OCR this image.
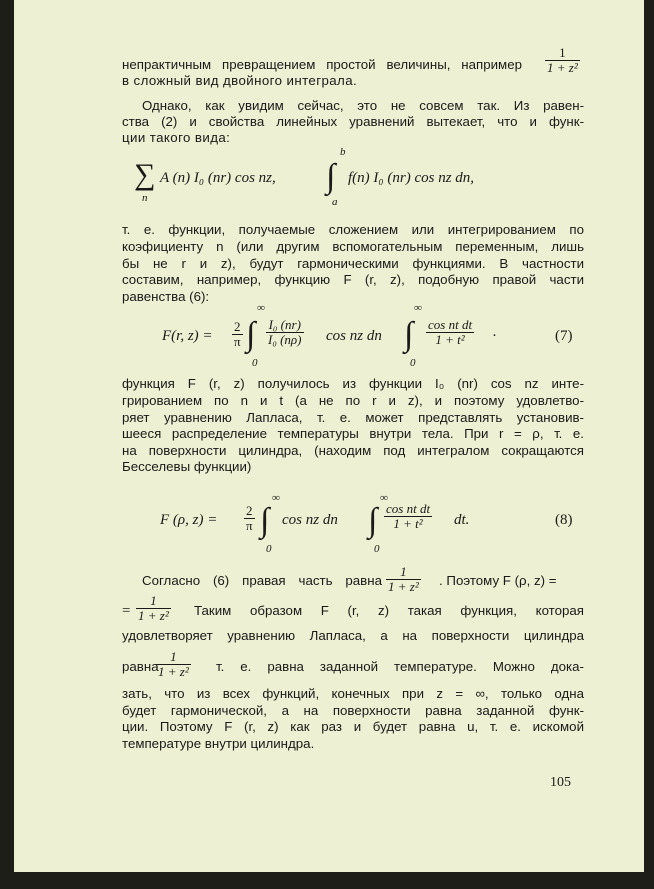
непрактичным превращением простой величины, например $\frac{1}{\text{1 + z²}}$
в сложный вид двойного интеграла.
Однако, как увидим сейчас, это не совсем так. Из равен-
ства (2) и свойства линейных уравнений вытекает, что и функ-
ции такого вида:
∑
n
A (n) I₀ (nr) cos nz,
b
∫
a
f(n) I₀ (nr) cos nz dn,
т. е. функции, получаемые сложением или интегрированием по
коэфициенту n (или другим вспомогательным переменным, лишь
бы не r и z), будут гармоническими функциями. В частности
составим, например, функцию F (r, z), подобную правой части
равенства (6):
F(r, $z) = \frac{2}{\pi}$
∞
∫
0
$\frac{\text{I₀ (nr)}}{\text{I₀ (nρ)}}$ cos nz dn
∞
∫
0
$\frac{\text{cos nt dt}}{\text{1 + t²}}$ ·	(7)
функция F (r, z) получилось из функции I₀ (nr) cos nz инте-
грированием по n и t (а не по r и z), и поэтому удовлетво-
ряет уравнению Лапласа, т. е. может представлять установив-
шееся распределение температуры внутри тела. При r = ρ, т. е.
на поверхности цилиндра, (находим под интегралом сокращаются
Бесселевы функции)
F (ρ, $z) = \frac{2}{\pi}$
∞
∫
0
cos nz dn
∞
∫
0
$\frac{\text{cos nt dt}}{\text{1 + t²}}$ dt.	(8)
Согласно (6) правая часть равна $\frac{1}{\text{1 + z²}}$ . Поэтому F (ρ, z) =
= $\frac{1}{\text{1 + z²}}$ Таким образом F (r, z) такая функция, которая
удовлетворяет уравнению Лапласа, а на поверхности цилиндра
равна
$\frac{1}{\text{1 + z²}} т$. е. равна заданной температуре. Можно дока-
зать, что из всех функций, конечных при z = ∞, только одна
будет гармонической, а на поверхности равна заданной функ-
ции. Поэтому F (r, z) как раз и будет равна u, т. е. искомой
температуре внутри цилиндра.
105
